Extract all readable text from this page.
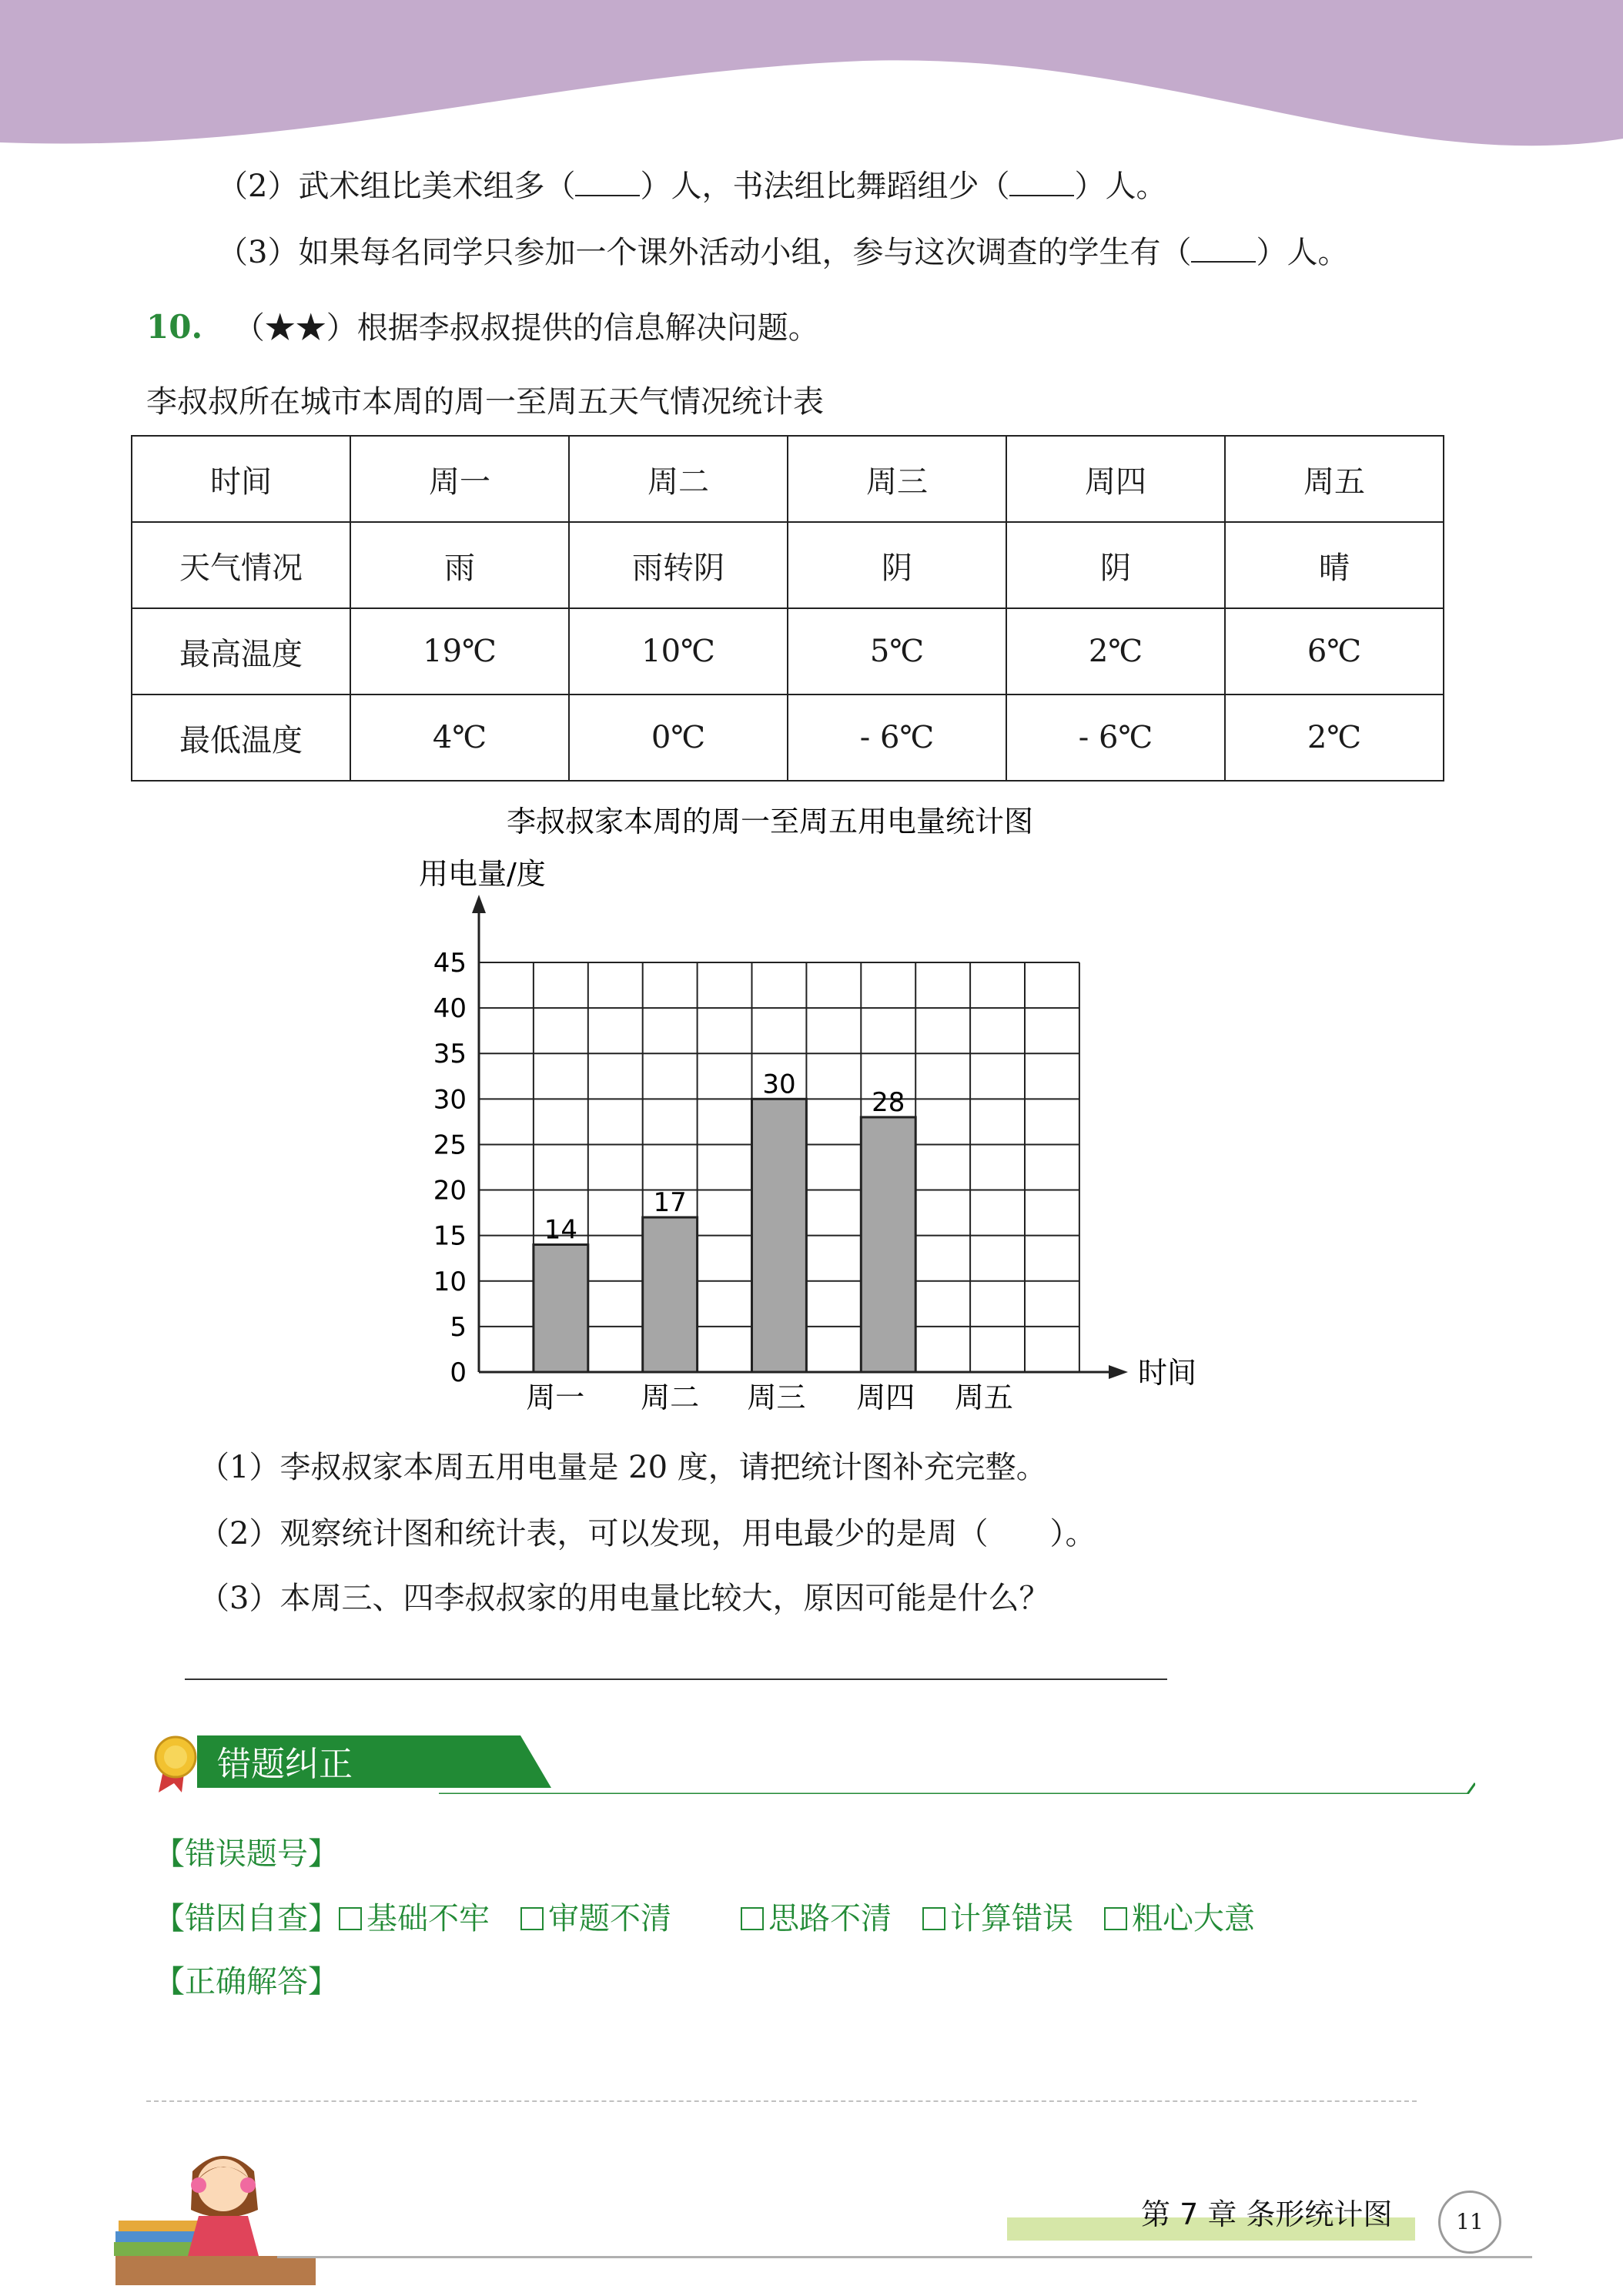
（2）武术组比美术组多（ ）人，书法组比舞蹈组少（ ）人。
（3）如果每名同学只参加一个课外活动小组，参与这次调查的学生有（ ）人。
10. （★★）根据李叔叔提供的信息解决问题。
李叔叔所在城市本周的周一至周五天气情况统计表
时间	周一	周二	周三	周四	周五
天气情况	雨	雨转阴	阴	阴	晴
最高温度	19℃	10℃	5℃	2℃	6℃
最低温度	4℃	0℃	- 6℃	- 6℃	2℃
李叔叔家本周的周一至周五用电量统计图
用电量/度
时间
0
5
10
15
20
25
30
35
40
45
14
周一
17
周二
30
周三
28
周四 周五
（1）李叔叔家本周五用电量是 20 度，请把统计图补充完整。
（2）观察统计图和统计表，可以发现，用电最少的是周（　　）。
（3）本周三、四李叔叔家的用电量比较大，原因可能是什么？
错题纠正
【错误题号】
【错因自查】 基础不牢 审题不清	思路不清 计算错误 粗心大意
【正确解答】
第 7 章 条形统计图	11
